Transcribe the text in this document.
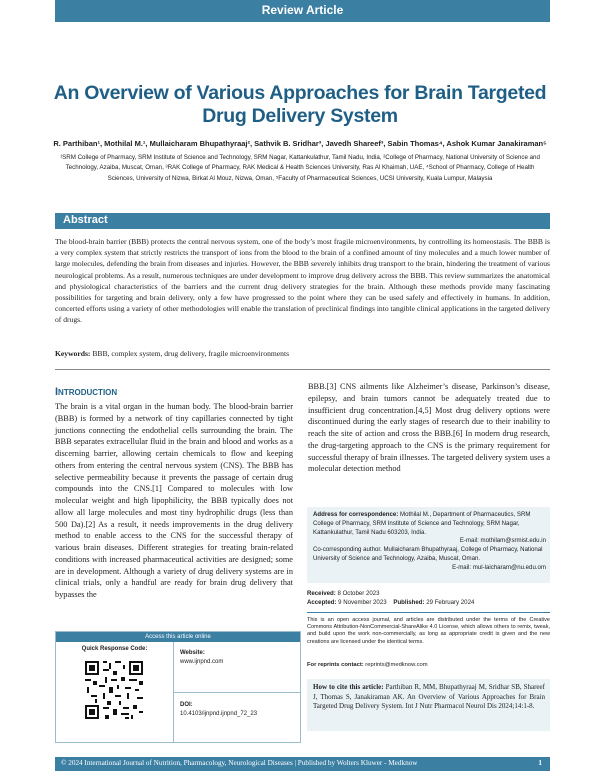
Review Article
An Overview of Various Approaches for Brain Targeted Drug Delivery System
R. Parthiban¹, Mothilal M.¹, Mullaicharam Bhupathyraaj², Sathvik B. Sridhar³, Javedh Shareef³, Sabin Thomas⁴, Ashok Kumar Janakiraman⁵
¹SRM College of Pharmacy, SRM Institute of Science and Technology, SRM Nagar, Kattankulathur, Tamil Nadu, India, ²College of Pharmacy, National University of Science and Technology, Azaiba, Muscat, Oman, ³RAK College of Pharmacy, RAK Medical & Health Sciences University, Ras Al Khaimah, UAE, ⁴School of Pharmacy, College of Health Sciences, University of Nizwa, Birkat Al Mouz, Nizwa, Oman, ⁵Faculty of Pharmaceutical Sciences, UCSI University, Kuala Lumpur, Malaysia
Abstract
The blood-brain barrier (BBB) protects the central nervous system, one of the body’s most fragile microenvironments, by controlling its homeostasis. The BBB is a very complex system that strictly restricts the transport of ions from the blood to the brain of a confined amount of tiny molecules and a much lower number of large molecules, defending the brain from diseases and injuries. However, the BBB severely inhibits drug transport to the brain, hindering the treatment of various neurological problems. As a result, numerous techniques are under development to improve drug delivery across the BBB. This review summarizes the anatomical and physiological characteristics of the barriers and the current drug delivery strategies for the brain. Although these methods provide many fascinating possibilities for targeting and brain delivery, only a few have progressed to the point where they can be used safely and effectively in humans. In addition, concerted efforts using a variety of other methodologies will enable the translation of preclinical findings into tangible clinical applications in the targeted delivery of drugs.
Keywords: BBB, complex system, drug delivery, fragile microenvironments
Introduction
The brain is a vital organ in the human body. The blood-brain barrier (BBB) is formed by a network of tiny capillaries connected by tight junctions connecting the endothelial cells surrounding the brain. The BBB separates extracellular fluid in the brain and blood and works as a discerning barrier, allowing certain chemicals to flow and keeping others from entering the central nervous system (CNS). The BBB has selective permeability because it prevents the passage of certain drug compounds into the CNS.[1] Compared to molecules with low molecular weight and high lipophilicity, the BBB typically does not allow all large molecules and most tiny hydrophilic drugs (less than 500 Da).[2] As a result, it needs improvements in the drug delivery method to enable access to the CNS for the successful therapy of various brain diseases. Different strategies for treating brain-related conditions with increased pharmaceutical activities are designed; some are in development. Although a variety of drug delivery systems are in clinical trials, only a handful are ready for brain drug delivery that bypasses the
BBB.[3] CNS ailments like Alzheimer’s disease, Parkinson’s disease, epilepsy, and brain tumors cannot be adequately treated due to insufficient drug concentration.[4,5] Most drug delivery options were discontinued during the early stages of research due to their inability to reach the site of action and cross the BBB.[6] In modern drug research, the drug-targeting approach to the CNS is the primary requirement for successful therapy of brain illnesses. The targeted delivery system uses a molecular detection method
Access this article online
Quick Response Code:
Website:
www.ijnpnd.com
DOI:
10.4103/ijnpnd.ijnpnd_72_23
Address for correspondence: Mothilal M., Department of Pharmaceutics, SRM College of Pharmacy, SRM Institute of Science and Technology, SRM Nagar, Kattankulathur, Tamil Nadu 603203, India.

E-mail: mothilam@srmist.edu.in
Co-corresponding author. Mullaicharam Bhupathyraaj, College of Pharmacy, National University of Science and Technology, Azaiba, Muscat, Oman.

E-mail: mul-laicharam@nu.edu.om
Received: 8 October 2023
Accepted: 9 November 2023 Published: 29 February 2024
This is an open access journal, and articles are distributed under the terms of the Creative Commons Attribution-NonCommercial-ShareAlike 4.0 License, which allows others to remix, tweak, and build upon the work non-commercially, as long as appropriate credit is given and the new creations are licensed under the identical terms.
For reprints contact: reprints@medknow.com
How to cite this article: Parthiban R, MM, Bhupathyraaj M, Sridhar SB, Shareef J, Thomas S, Janakiraman AK. An Overview of Various Approaches for Brain Targeted Drug Delivery System. Int J Nutr Pharmacol Neurol Dis 2024;14:1-8.
© 2024 International Journal of Nutrition, Pharmacology, Neurological Diseases | Published by Wolters Kluwer - Medknow	1
